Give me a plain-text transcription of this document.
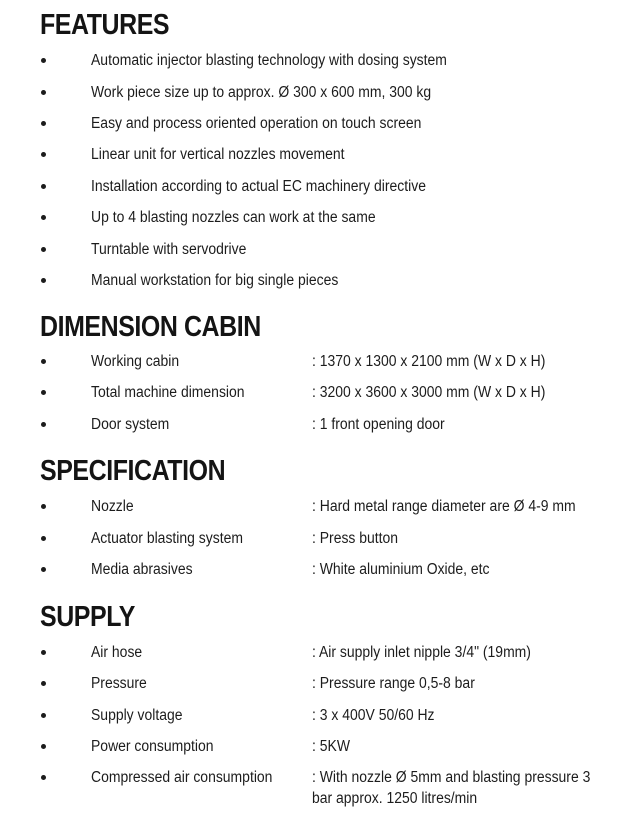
FEATURES
Automatic injector blasting technology with dosing system
Work piece size up to approx. Ø 300 x 600 mm, 300 kg
Easy and process oriented operation on touch screen
Linear unit for vertical nozzles movement
Installation according to actual EC machinery directive
Up to 4 blasting nozzles can work at the same
Turntable with servodrive
Manual workstation for big single pieces
DIMENSION CABIN
Working cabin	: 1370 x 1300 x 2100 mm (W x D x H)
Total machine dimension	: 3200 x 3600 x 3000 mm (W x D x H)
Door system	: 1 front opening door
SPECIFICATION
Nozzle	: Hard metal range diameter are Ø 4-9 mm
Actuator blasting system	: Press button
Media abrasives	: White aluminium Oxide, etc
SUPPLY
Air hose	: Air supply inlet nipple 3/4" (19mm)
Pressure	: Pressure range 0,5-8 bar
Supply voltage	: 3 x 400V 50/60 Hz
Power consumption	: 5KW
Compressed air consumption	: With nozzle Ø 5mm and blasting pressure 3 bar approx. 1250 litres/min
